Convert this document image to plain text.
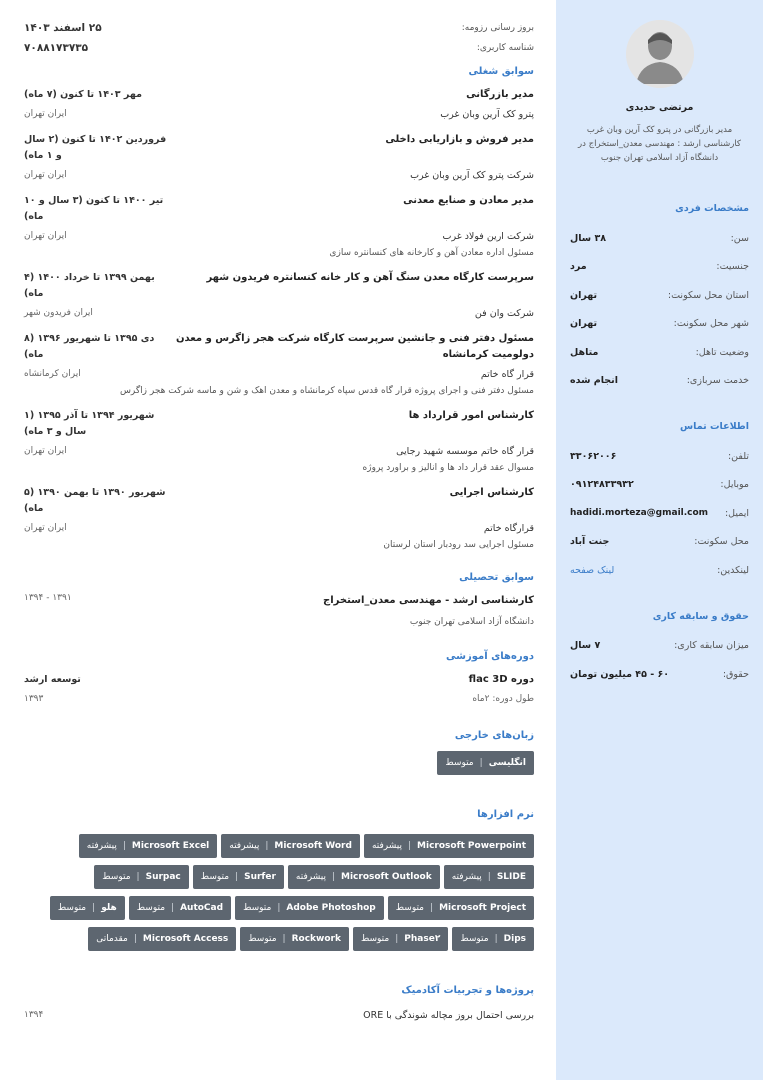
مرتضی حدیدی
مدیر بازرگانی در پترو کک آرین وبان غرب
کارشناسی ارشد : مهندسی معدن_استخراج در دانشگاه آزاد اسلامی تهران جنوب
مشخصات فردی
سن:
۳۸ سال
جنسیت:
مرد
استان محل سکونت:
تهران
شهر محل سکونت:
تهران
وضعیت تاهل:
متاهل
خدمت سربازی:
انجام شده
اطلاعات تماس
تلفن:
۳۳۰۶۲۰۰۶
موبایل:
۰۹۱۲۴۸۳۳۹۳۲
ایمیل:
hadidi.morteza@gmail.com
محل سکونت:
جنت آباد
لینکدین:
لینک صفحه
حقوق و سابقه کاری
میزان سابقه کاری:
۷ سال
حقوق:
۶۰ - ۴۵ میلیون تومان
بروز رسانی رزومه:
۲۵ اسفند ۱۴۰۳
شناسه کاربری:
۷۰۸۸۱۷۳۷۳۵
سوابق شغلی
مدیر بازرگانی
مهر ۱۴۰۳ تا کنون (۷ ماه)
پترو کک آرین وبان غرب
ایران تهران
مدیر فروش و بازاریابی داخلی
فروردین ۱۴۰۲ تا کنون (۲ سال و ۱ ماه)
شرکت پترو کک آرین وبان غرب
ایران تهران
مدیر معادن و صنایع معدنی
تیر ۱۴۰۰ تا کنون (۳ سال و ۱۰ ماه)
شرکت ارین فولاد غرب
ایران تهران
مسئول اداره معادن آهن و کارخانه های کنسانتره سازی
سرپرست کارگاه معدن سنگ آهن و کار خانه کنسانتره فریدون شهر
بهمن ۱۳۹۹ تا خرداد ۱۴۰۰ (۴ ماه)
شرکت وان فن
ایران فریدون شهر
مسئول دفتر فنی و جانشین سرپرست کارگاه شرکت هجر زاگرس و معدن دولومیت کرمانشاه
دی ۱۳۹۵ تا شهریور ۱۳۹۶ (۸ ماه)
قرار گاه خاتم
ایران کرمانشاه
مسئول دفتر فنی و اجرای پروژه قرار گاه قدس سپاه کرمانشاه و معدن اهک و شن و ماسه شرکت هجر زاگرس
کارشناس امور قرارداد ها
شهریور ۱۳۹۴ تا آذر ۱۳۹۵ (۱ سال و ۳ ماه)
قرار گاه خاتم موسسه شهید رجایی
ایران تهران
مسوال عقد قرار داد ها و انالیز و براورد پروژه
کارشناس اجرایی
شهریور ۱۳۹۰ تا بهمن ۱۳۹۰ (۵ ماه)
قرارگاه خاتم
ایران تهران
مسئول اجرایی سد رودبار استان لرستان
سوابق تحصیلی
کارشناسی ارشد - مهندسی معدن_استخراج
۱۳۹۱ - ۱۳۹۴
دانشگاه آزاد اسلامی تهران جنوب
دوره‌های آموزشی
دوره flac 3D
توسعه ارشد
طول دوره: ۲ماه
۱۳۹۳
زبان‌های خارجی
انگلیسی
|
متوسط
نرم افزارها
Microsoft Powerpoint
|
پیشرفته
Microsoft Word
|
پیشرفته
Microsoft Excel
|
پیشرفته
SLIDE
|
پیشرفته
Microsoft Outlook
|
پیشرفته
Surfer
|
متوسط
Surpac
|
متوسط
Microsoft Project
|
متوسط
Adobe Photoshop
|
متوسط
AutoCad
|
متوسط
هلو
|
متوسط
Dips
|
متوسط
Phase۲
|
متوسط
Rockwork
|
متوسط
Microsoft Access
|
مقدماتی
پروژه‌ها و تجربیات آکادمیک
بررسی احتمال بروز مچاله شوندگی با ORE
۱۳۹۴
